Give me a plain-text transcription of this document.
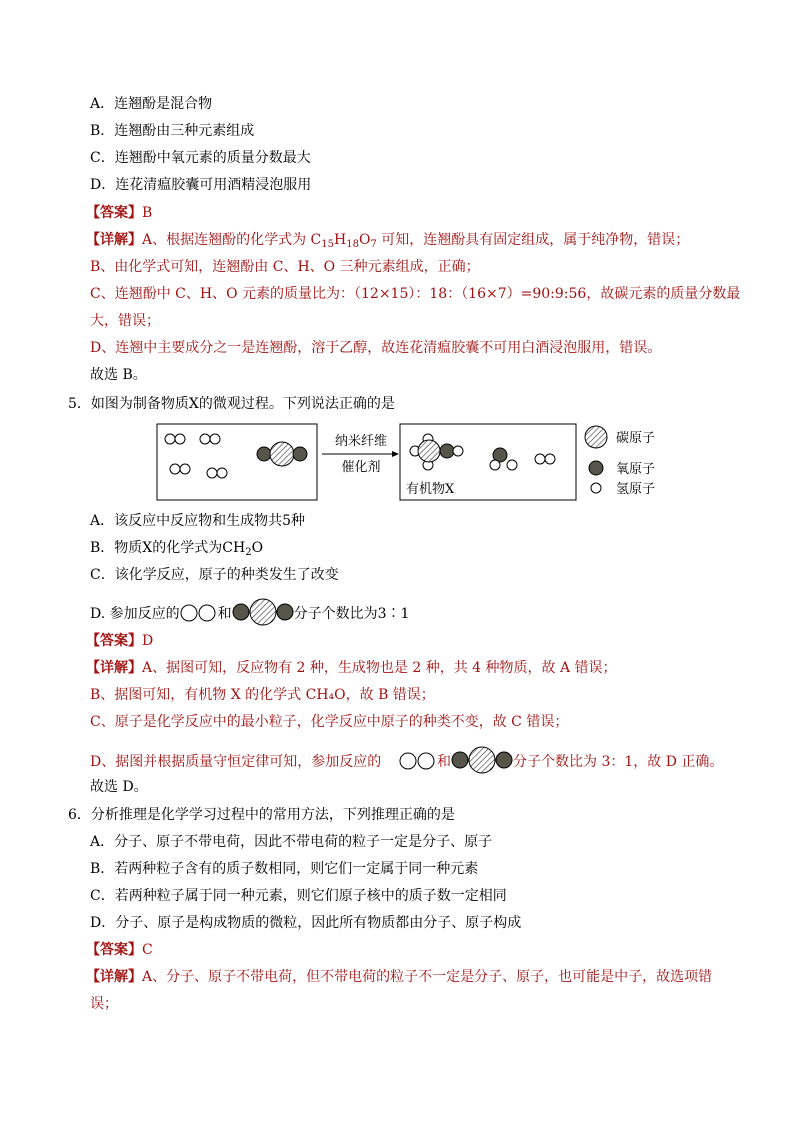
A．连翘酚是混合物
B．连翘酚由三种元素组成
C．连翘酚中氧元素的质量分数最大
D．连花清瘟胶囊可用酒精浸泡服用
【答案】B
【详解】A、根据连翘酚的化学式为 $C_{15}H_{18}O_7$ 可知，连翘酚具有固定组成，属于纯净物，错误；
B、由化学式可知，连翘酚由 C、H、O 三种元素组成，正确；
C、连翘酚中 C、H、O 元素的质量比为：（12×15）：18：（16×7）=90:9:56，故碳元素的质量分数最
大，错误；
D、连翘中主要成分之一是连翘酚，溶于乙醇，故连花清瘟胶囊不可用白酒浸泡服用，错误。
故选 B。
5．如图为制备物质X的微观过程。下列说法正确的是
纳米纤维
催化剂
有机物X
碳原子
氧原子
氢原子
A．该反应中反应物和生成物共5种
B．物质X的化学式为$CH_2O$
C．该化学反应，原子的种类发生了改变
D. 参加反应的	和	分子个数比为3∶1
【答案】D
【详解】A、据图可知，反应物有 2 种，生成物也是 2 种，共 4 种物质，故 A 错误；
B、据图可知，有机物 X 的化学式 CH₄O，故 B 错误；
C、原子是化学反应中的最小粒子，化学反应中原子的种类不变，故 C 错误；
D、据图并根据质量守恒定律可知，参加反应的	和	分子个数比为 3：1，故 D 正确。
故选 D。
6．分析推理是化学学习过程中的常用方法，下列推理正确的是
A．分子、原子不带电荷，因此不带电荷的粒子一定是分子、原子
B．若两种粒子含有的质子数相同，则它们一定属于同一种元素
C．若两种粒子属于同一种元素，则它们原子核中的质子数一定相同
D．分子、原子是构成物质的微粒，因此所有物质都由分子、原子构成
【答案】C
【详解】A、分子、原子不带电荷，但不带电荷的粒子不一定是分子、原子，也可能是中子，故选项错
误；
